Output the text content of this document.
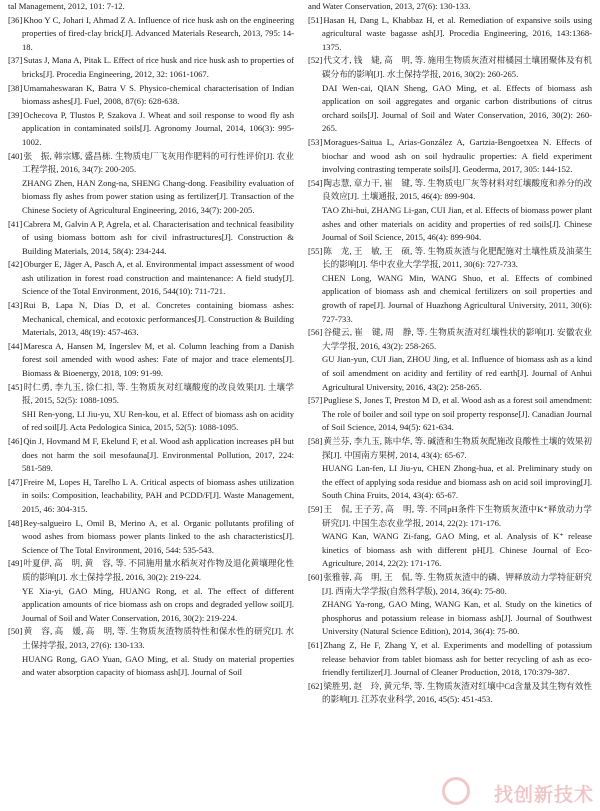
tal Management, 2012, 101: 7-12.

[36]Khoo Y C, Johari I, Ahmad Z A. Influence of rice husk ash on the engineering properties of fired-clay brick[J]. Advanced Materials Research, 2013, 795: 14-18.

[37]Sutas J, Mana A, Pitak L. Effect of rice husk and rice husk ash to properties of bricks[J]. Procedia Engineering, 2012, 32: 1061-1067.

[38]Umamaheswaran K, Batra V S. Physico-chemical characterisation of Indian biomass ashes[J]. Fuel, 2008, 87(6): 628-638.

[39]Ochecova P, Tlustos P, Szakova J. Wheat and soil response to wood fly ash application in contaminated soils[J]. Agronomy Journal, 2014, 106(3): 995-1002.

[40]张　振, 韩宗娜, 盛昌栋. 生物质电厂飞灰用作肥料的可行性评价[J]. 农业工程学报, 2016, 34(7): 200-205.
ZHANG Zhen, HAN Zong-na, SHENG Chang-dong. Feasibility evaluation of biomass fly ashes from power station using as fertilizer[J]. Transaction of the Chinese Society of Agricultural Engineering, 2016, 34(7): 200-205.

[41]Cabrera M, Galvin A P, Agrela, et al. Characterisation and technical feasibility of using biomass bottom ash for civil infrastructures[J]. Construction & Building Materials, 2014, 58(4): 234-244.

[42]Oburger E, Jäger A, Pasch A, et al. Environmental impact assessment of wood ash utilization in forest road construction and maintenance: A field study[J]. Science of the Total Environment, 2016, 544(10): 711-721.

[43]Rui B, Lapa N, Dias D, et al. Concretes containing biomass ashes: Mechanical, chemical, and ecotoxic performances[J]. Construction & Building Materials, 2013, 48(19): 457-463.

[44]Maresca A, Hansen M, Ingerslev M, et al. Column leaching from a Danish forest soil amended with wood ashes: Fate of major and trace elements[J]. Biomass & Bioenergy, 2018, 109: 91-99.

[45]时仁勇, 李九玉, 徐仁扣, 等. 生物质灰对红壤酸度的改良效果[J]. 土壤学报, 2015, 52(5): 1088-1095.
SHI Ren-yong, LI Jiu-yu, XU Ren-kou, et al. Effect of biomass ash on acidity of red soil[J]. Acta Pedologica Sinica, 2015, 52(5): 1088-1095.

[46]Qin J, Hovmand M F, Ekelund F, et al. Wood ash application increases pH but does not harm the soil mesofauna[J]. Environmental Pollution, 2017, 224: 581-589.

[47]Freire M, Lopes H, Tarelho L A. Critical aspects of biomass ashes utilization in soils: Composition, leachability, PAH and PCDD/F[J]. Waste Management, 2015, 46: 304-315.

[48]Rey-salgueiro L, Omil B, Merino A, et al. Organic pollutants profiling of wood ashes from biomass power plants linked to the ash characteristics[J]. Science of The Total Environment, 2016, 544: 535-543.

[49]叶夏伊, 高　明, 黄　容, 等. 不同施用量水稻灰对作物及退化黄壤理化性质的影响[J]. 水土保持学报, 2016, 30(2): 219-224.
YE Xia-yi, GAO Ming, HUANG Rong, et al. The effect of different application amounts of rice biomass ash on crops and degraded yellow soil[J]. Journal of Soil and Water Conservation, 2016, 30(2): 219-224.

[50]黄　容, 高　媛, 高　明, 等. 生物质灰渣物质特性和保水性的研究[J]. 水土保持学报, 2013, 27(6): 130-133.
HUANG Rong, GAO Yuan, GAO Ming, et al. Study on material properties and water absorption capacity of biomass ash[J]. Journal of Soil

and Water Conservation, 2013, 27(6): 130-133.

[51]Hasan H, Dang L, Khabbaz H, et al. Remediation of expansive soils using agricultural waste bagasse ash[J]. Procedia Engineering, 2016, 143:1368-1375.

[52]代文才, 钱　婕, 高　明, 等. 施用生物质灰渣对柑橘园土壤团聚体及有机碳分布的影响[J]. 水土保持学报, 2016, 30(2): 260-265.
DAI Wen-cai, QIAN Sheng, GAO Ming, et al. Effects of biomass ash application on soil aggregates and organic carbon distributions of citrus orchard soils[J]. Journal of Soil and Water Conservation, 2016, 30(2): 260-265.

[53]Moragues-Saitua L, Arias-González A, Gartzia-Bengoetxea N. Effects of biochar and wood ash on soil hydraulic properties: A field experiment involving contrasting temperate soils[J]. Geoderma, 2017, 305: 144-152.

[54]陶志慧, 章力干, 崔　键, 等. 生物质电厂灰等材料对红壤酸度和养分的改良效应[J]. 土壤通报, 2015, 46(4): 899-904.
TAO Zhi-hui, ZHANG Li-gan, CUI Jian, et al. Effects of biomass power plant ashes and other materials on acidity and properties of red soils[J]. Chinese Journal of Soil Science, 2015, 46(4): 899-904.

[55]陈　龙, 王　敏, 王　硕, 等. 生物质灰渣与化肥配施对土壤性质及油菜生长的影响[J]. 华中农业大学学报, 2011, 30(6): 727-733.
CHEN Long, WANG Min, WANG Shuo, et al. Effects of combined application of biomass ash and chemical fertilizers on soil properties and growth of rape[J]. Journal of Huazhong Agricultural University, 2011, 30(6): 727-733.

[56]谷健云, 崔　键, 周　静, 等. 生物质灰渣对红壤性状的影响[J]. 安徽农业大学学报, 2016, 43(2): 258-265.
GU Jian-yun, CUI Jian, ZHOU Jing, et al. Influence of biomass ash as a kind of soil amendment on acidity and fertility of red earth[J]. Journal of Anhui Agricultural University, 2016, 43(2): 258-265.

[57]Pugliese S, Jones T, Preston M D, et al. Wood ash as a forest soil amendment: The role of boiler and soil type on soil property response[J]. Canadian Journal of Soil Science, 2014, 94(5): 621-634.

[58]黄兰芬, 李九玉, 陈中华, 等. 碱渣和生物质灰配施改良酸性土壤的效果初探[J]. 中国南方果树, 2014, 43(4): 65-67.
HUANG Lan-fen, LI Jiu-yu, CHEN Zhong-hua, et al. Preliminary study on the effect of applying soda residue and biomass ash on acid soil improving[J]. South China Fruits, 2014, 43(4): 65-67.

[59]王　侃, 王子芳, 高　明, 等. 不同pH条件下生物质灰渣中K⁺释放动力学研究[J]. 中国生态农业学报, 2014, 22(2): 171-176.
WANG Kan, WANG Zi-fang, GAO Ming, et al. Analysis of K⁺ release kinetics of biomass ash with different pH[J]. Chinese Journal of Eco-Agriculture, 2014, 22(2): 171-176.

[60]张雅蓉, 高　明, 王　侃, 等. 生物质灰渣中的磷、钾释放动力学特征研究[J]. 西南大学学报(自然科学版), 2014, 36(4): 75-80.
ZHANG Ya-rong, GAO Ming, WANG Kan, et al. Study on the kinetics of phosphorus and potassium release in biomass ash[J]. Journal of Southwest University (Natural Science Edition), 2014, 36(4): 75-80.

[61]Zhang Z, He F, Zhang Y, et al. Experiments and modelling of potassium release behavior from tablet biomass ash for better recycling of ash as eco-friendly fertilizer[J]. Journal of Cleaner Production, 2018, 170:379-387.

[62]梁胜男, 赵　玲, 黄元华, 等. 生物质灰渣对红壤中Cd含量及其生物有效性的影响[J]. 江苏农业科学, 2016, 45(5): 451-453.

找创新技术
